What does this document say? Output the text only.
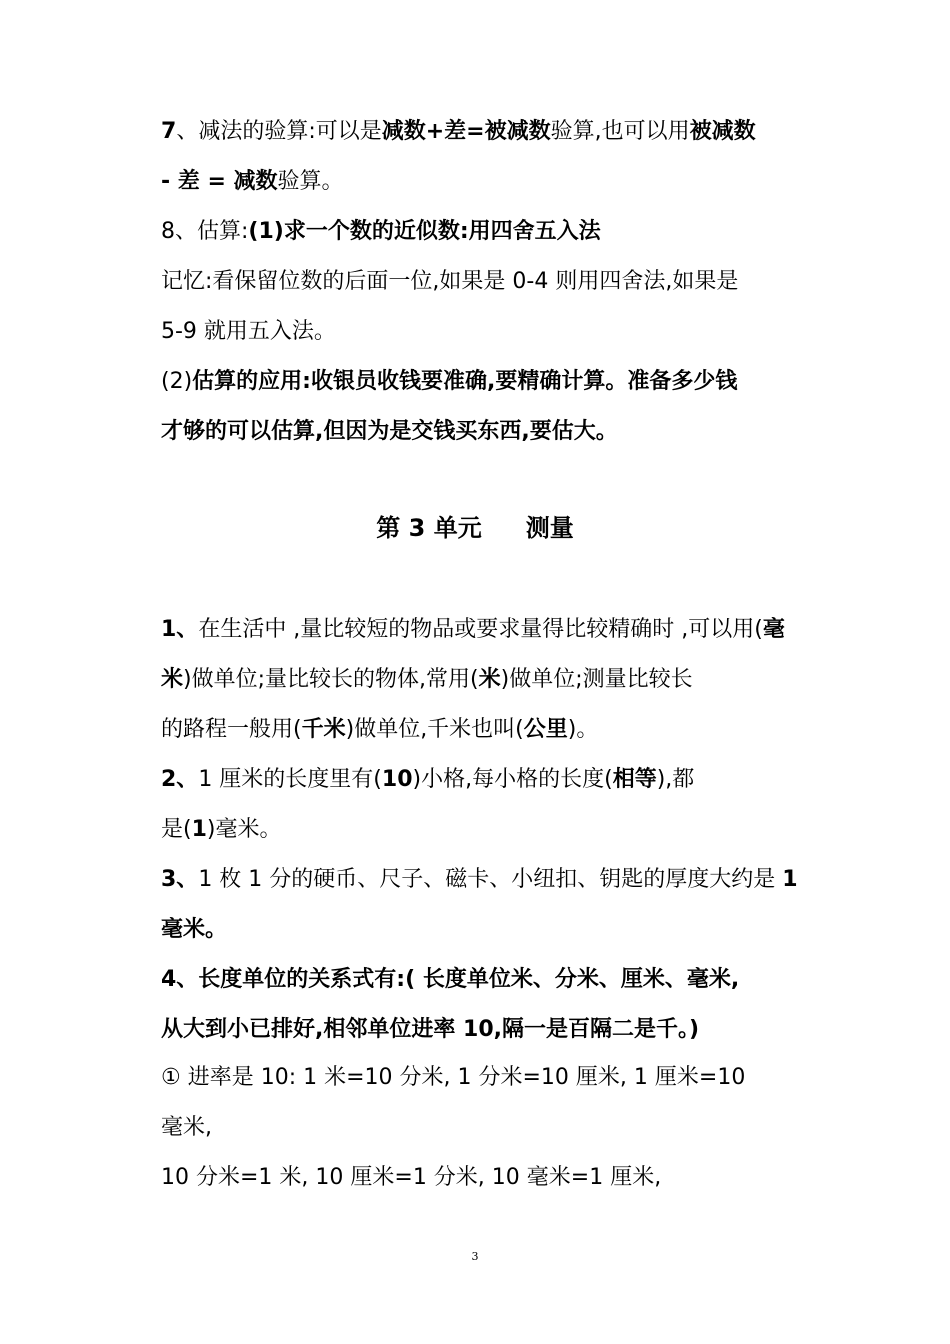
7、减法的验算:可以是减数+差=被减数验算,也可以用被减数
- 差 = 减数验算。
8、估算:(1)求一个数的近似数:用四舍五入法
记忆:看保留位数的后面一位,如果是 0-4 则用四舍法,如果是
5-9 就用五入法。
(2)估算的应用:收银员收钱要准确,要精确计算。准备多少钱
才够的可以估算,但因为是交钱买东西,要估大。
1、在生活中 ,量比较短的物品或要求量得比较精确时 ,可以用(毫
米)做单位;量比较长的物体,常用(米)做单位;测量比较长
的路程一般用(千米)做单位,千米也叫(公里)。
2、1 厘米的长度里有(10)小格,每小格的长度(相等),都
是(1)毫米。
3、1 枚 1 分的硬币、尺子、磁卡、小纽扣、钥匙的厚度大约是 1
毫米。
4、长度单位的关系式有:( 长度单位米、分米、厘米、毫米,
从大到小已排好,相邻单位进率 10,隔一是百隔二是千。)
① 进率是 10: 1 米=10 分米, 1 分米=10 厘米, 1 厘米=10
毫米,
10 分米=1 米, 10 厘米=1 分米, 10 毫米=1 厘米,
第 3 单元 测量
3
